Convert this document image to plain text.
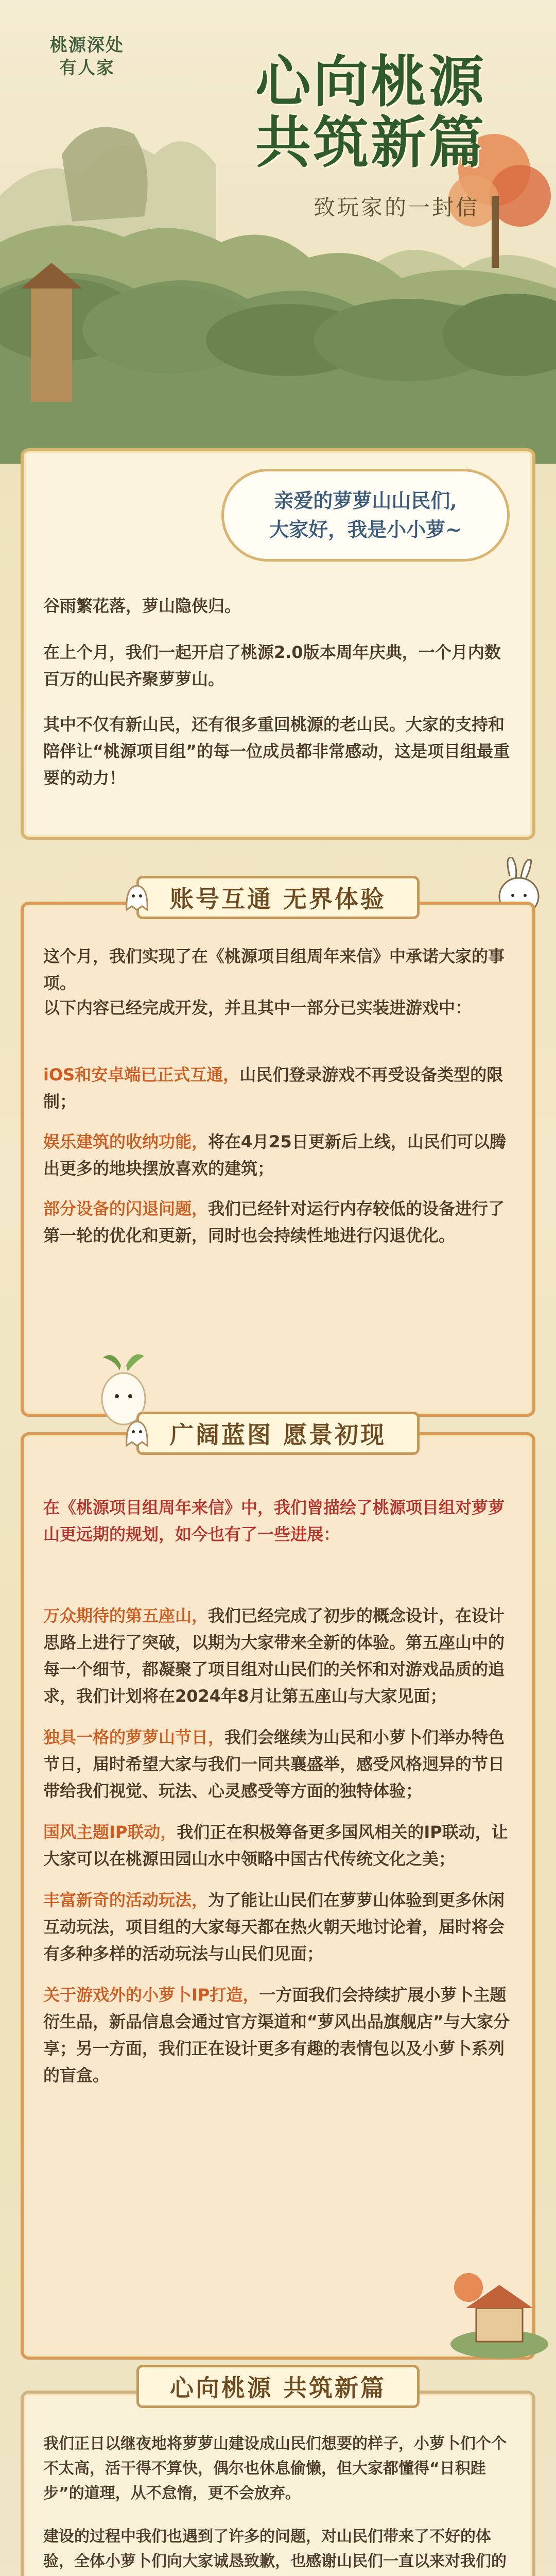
桃源深处
有人家	心向桃源
共筑新篇
致玩家的一封信
亲爱的萝萝山山民们,
大家好，我是小小萝~
谷雨繁花落，萝山隐侠归。
在上个月，我们一起开启了桃源2.0版本周年庆典，一个月内数百万的山民齐聚萝萝山。
其中不仅有新山民，还有很多重回桃源的老山民。大家的支持和陪伴让“桃源项目组”的每一位成员都非常感动，这是项目组最重要的动力！
账号互通 无界体验
这个月，我们实现了在《桃源项目组周年来信》中承诺大家的事项。
以下内容已经完成开发，并且其中一部分已实装进游戏中：
iOS和安卓端已正式互通，山民们登录游戏不再受设备类型的限制；
娱乐建筑的收纳功能，将在4月25日更新后上线，山民们可以腾出更多的地块摆放喜欢的建筑；
部分设备的闪退问题，我们已经针对运行内存较低的设备进行了第一轮的优化和更新，同时也会持续性地进行闪退优化。
广阔蓝图 愿景初现
在《桃源项目组周年来信》中，我们曾描绘了桃源项目组对萝萝山更远期的规划，如今也有了一些进展：
万众期待的第五座山，我们已经完成了初步的概念设计，在设计思路上进行了突破，以期为大家带来全新的体验。第五座山中的每一个细节，都凝聚了项目组对山民们的关怀和对游戏品质的追求，我们计划将在2024年8月让第五座山与大家见面；
独具一格的萝萝山节日，我们会继续为山民和小萝卜们举办特色节日，届时希望大家与我们一同共襄盛举，感受风格迥异的节日带给我们视觉、玩法、心灵感受等方面的独特体验；
国风主题IP联动，我们正在积极筹备更多国风相关的IP联动，让大家可以在桃源田园山水中领略中国古代传统文化之美；
丰富新奇的活动玩法，为了能让山民们在萝萝山体验到更多休闲互动玩法，项目组的大家每天都在热火朝天地讨论着，届时将会有多种多样的活动玩法与山民们见面；
关于游戏外的小萝卜IP打造，一方面我们会持续扩展小萝卜主题衍生品，新品信息会通过官方渠道和“萝风出品旗舰店”与大家分享；另一方面，我们正在设计更多有趣的表情包以及小萝卜系列的盲盒。
心向桃源 共筑新篇
我们正日以继夜地将萝萝山建设成山民们想要的样子，小萝卜们个个不太高，活干得不算快，偶尔也休息偷懒，但大家都懂得“日积跬步”的道理，从不怠惰，更不会放弃。
建设的过程中我们也遇到了许多的问题，对山民们带来了不好的体验，全体小萝卜们向大家诚恳致歉，也感谢山民们一直以来对我们的
